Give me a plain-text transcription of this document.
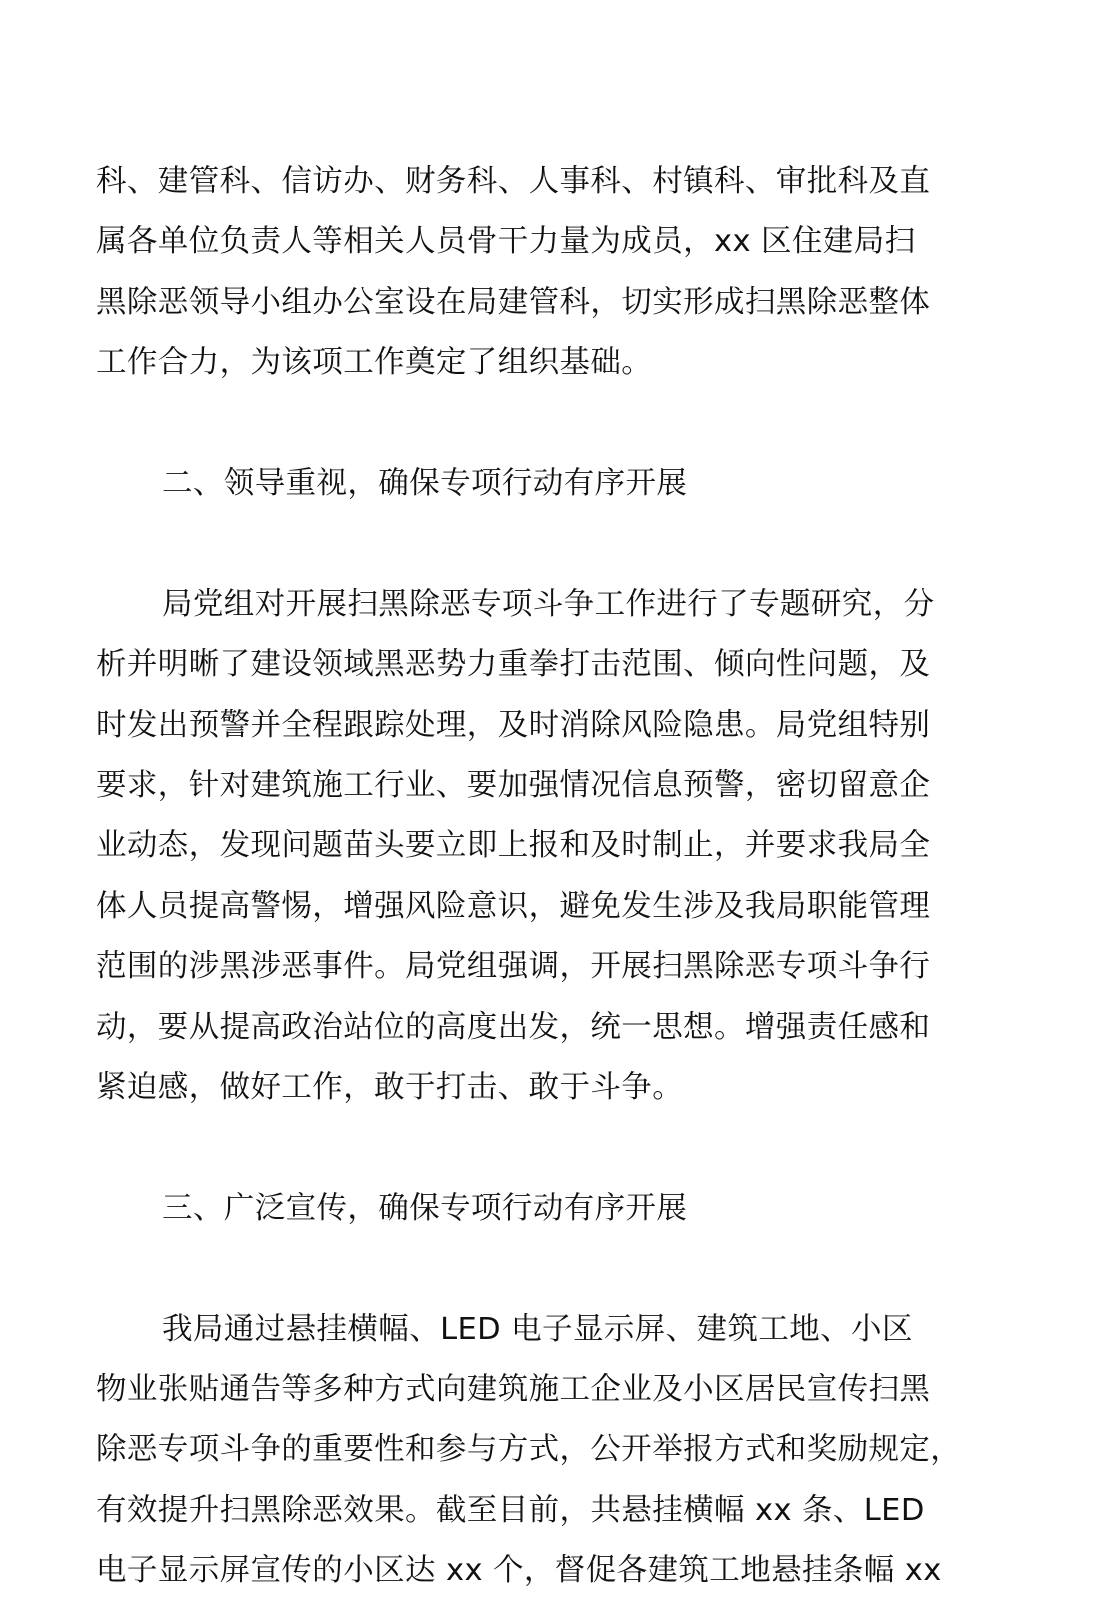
科、建管科、信访办、财务科、人事科、村镇科、审批科及直
属各单位负责人等相关人员骨干力量为成员，xx 区住建局扫
黑除恶领导小组办公室设在局建管科，切实形成扫黑除恶整体
工作合力，为该项工作奠定了组织基础。

二、领导重视，确保专项行动有序开展

局党组对开展扫黑除恶专项斗争工作进行了专题研究，分
析并明晰了建设领域黑恶势力重拳打击范围、倾向性问题，及
时发出预警并全程跟踪处理，及时消除风险隐患。局党组特别
要求，针对建筑施工行业、要加强情况信息预警，密切留意企
业动态，发现问题苗头要立即上报和及时制止，并要求我局全
体人员提高警惕，增强风险意识，避免发生涉及我局职能管理
范围的涉黑涉恶事件。局党组强调，开展扫黑除恶专项斗争行
动，要从提高政治站位的高度出发，统一思想。增强责任感和
紧迫感，做好工作，敢于打击、敢于斗争。

三、广泛宣传，确保专项行动有序开展

我局通过悬挂横幅、LED 电子显示屏、建筑工地、小区
物业张贴通告等多种方式向建筑施工企业及小区居民宣传扫黑
除恶专项斗争的重要性和参与方式，公开举报方式和奖励规定，
有效提升扫黑除恶效果。截至目前，共悬挂横幅 xx 条、LED
电子显示屏宣传的小区达 xx 个，督促各建筑工地悬挂条幅 xx
